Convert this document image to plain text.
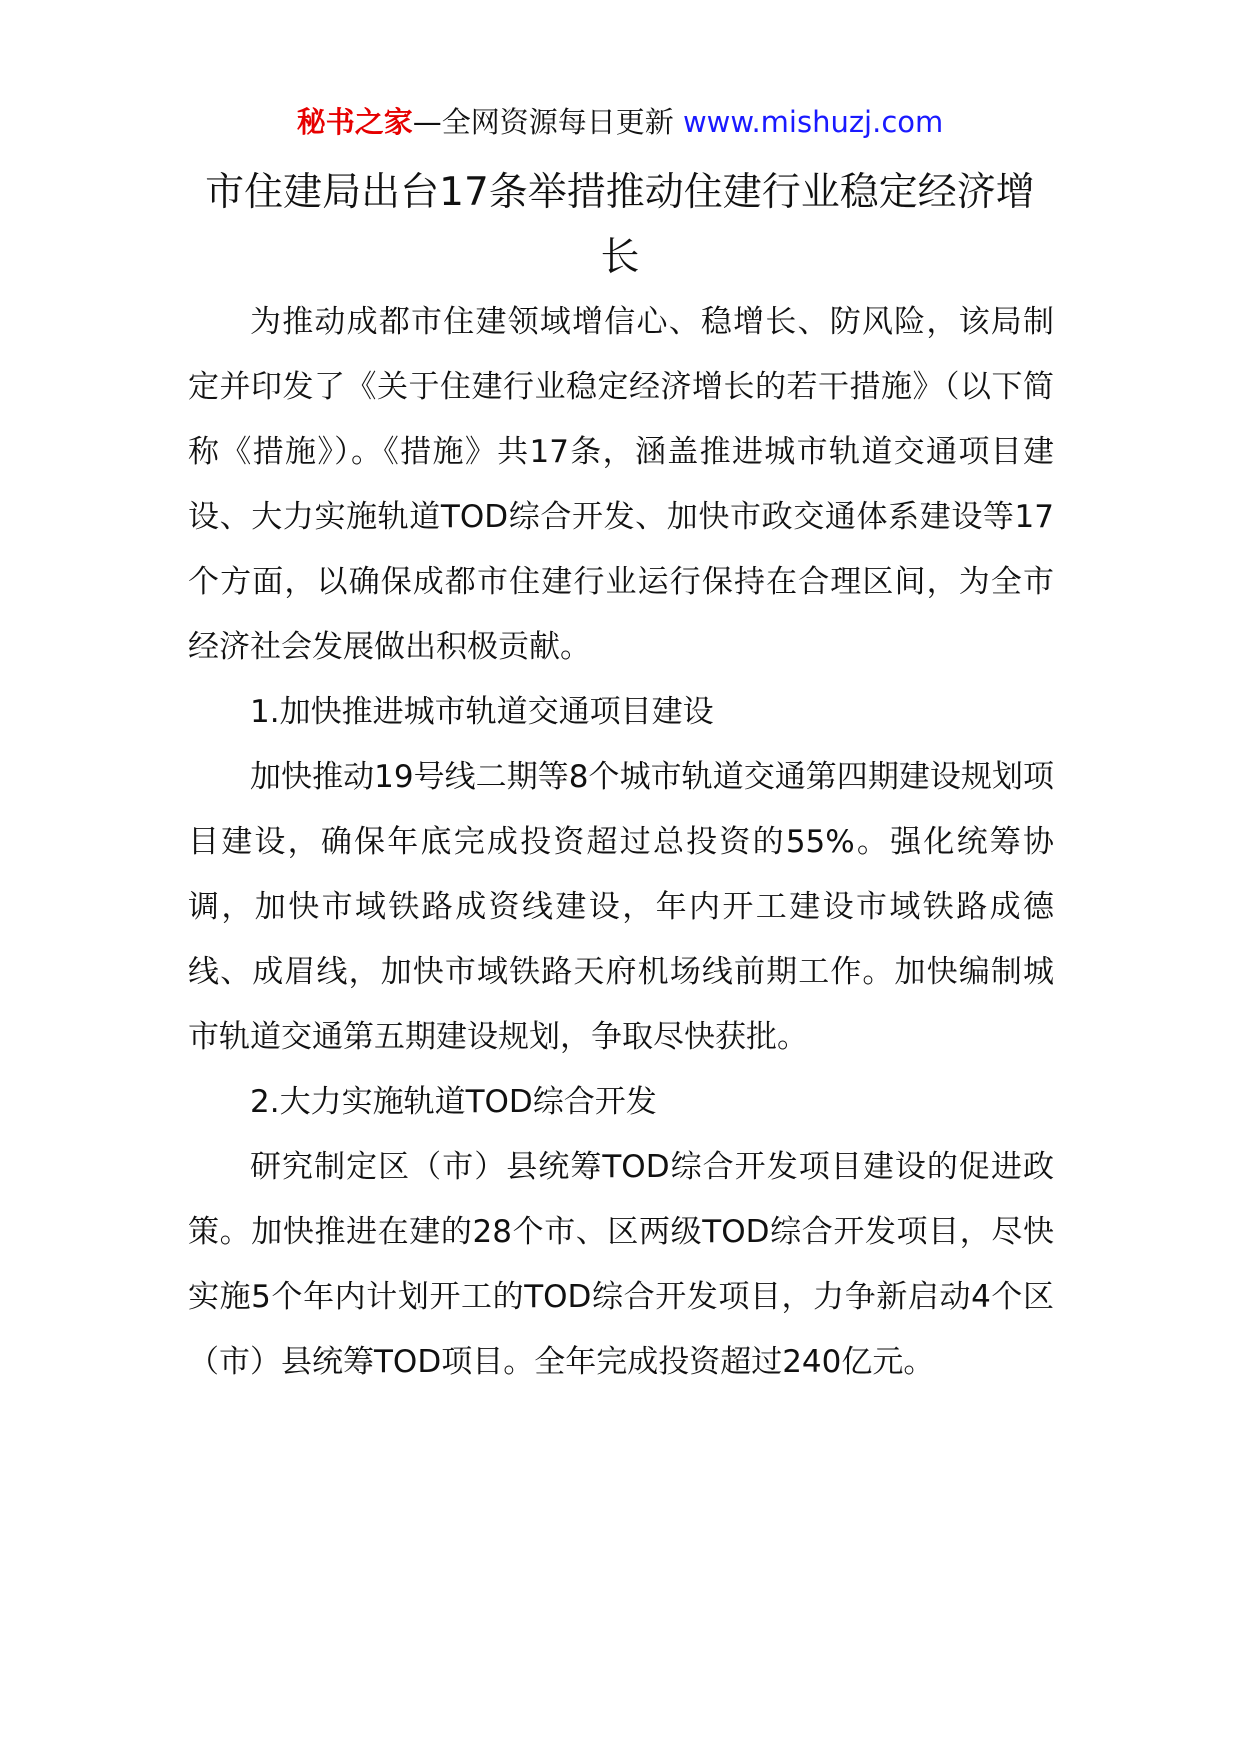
秘书之家—全网资源每日更新 www.mishuzj.com
市住建局出台17条举措推动住建行业稳定经济增长

为推动成都市住建领域增信心、稳增长、防风险，该局制定并印发了《关于住建行业稳定经济增长的若干措施》（以下简称《措施》）。《措施》共17条，涵盖推进城市轨道交通项目建设、大力实施轨道TOD综合开发、加快市政交通体系建设等17个方面，以确保成都市住建行业运行保持在合理区间，为全市经济社会发展做出积极贡献。

1.加快推进城市轨道交通项目建设

加快推动19号线二期等8个城市轨道交通第四期建设规划项目建设，确保年底完成投资超过总投资的55%。强化统筹协调，加快市域铁路成资线建设，年内开工建设市域铁路成德线、成眉线，加快市域铁路天府机场线前期工作。加快编制城市轨道交通第五期建设规划，争取尽快获批。

2.大力实施轨道TOD综合开发

研究制定区（市）县统筹TOD综合开发项目建设的促进政策。加快推进在建的28个市、区两级TOD综合开发项目，尽快实施5个年内计划开工的TOD综合开发项目，力争新启动4个区（市）县统筹TOD项目。全年完成投资超过240亿元。
